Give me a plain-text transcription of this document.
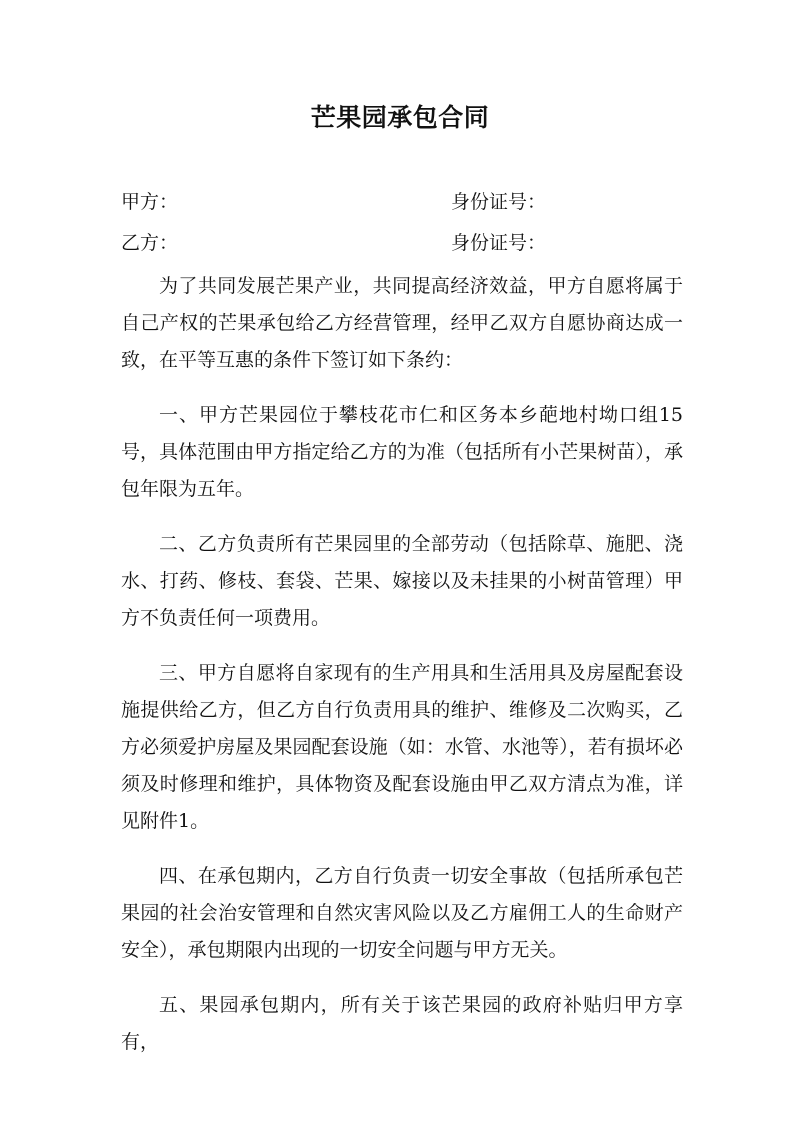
芒果园承包合同
甲方：	身份证号：
乙方：	身份证号：

为了共同发展芒果产业，共同提高经济效益，甲方自愿将属于自己产权的芒果承包给乙方经营管理，经甲乙双方自愿协商达成一致，在平等互惠的条件下签订如下条约：

一、甲方芒果园位于攀枝花市仁和区务本乡葩地村坳口组15号，具体范围由甲方指定给乙方的为准（包括所有小芒果树苗），承包年限为五年。

二、乙方负责所有芒果园里的全部劳动（包括除草、施肥、浇水、打药、修枝、套袋、芒果、嫁接以及未挂果的小树苗管理）甲方不负责任何一项费用。

三、甲方自愿将自家现有的生产用具和生活用具及房屋配套设施提供给乙方，但乙方自行负责用具的维护、维修及二次购买，乙方必须爱护房屋及果园配套设施（如：水管、水池等），若有损坏必须及时修理和维护，具体物资及配套设施由甲乙双方清点为准，详见附件1。

四、在承包期内，乙方自行负责一切安全事故（包括所承包芒果园的社会治安管理和自然灾害风险以及乙方雇佣工人的生命财产安全），承包期限内出现的一切安全问题与甲方无关。

五、果园承包期内，所有关于该芒果园的政府补贴归甲方享有，
